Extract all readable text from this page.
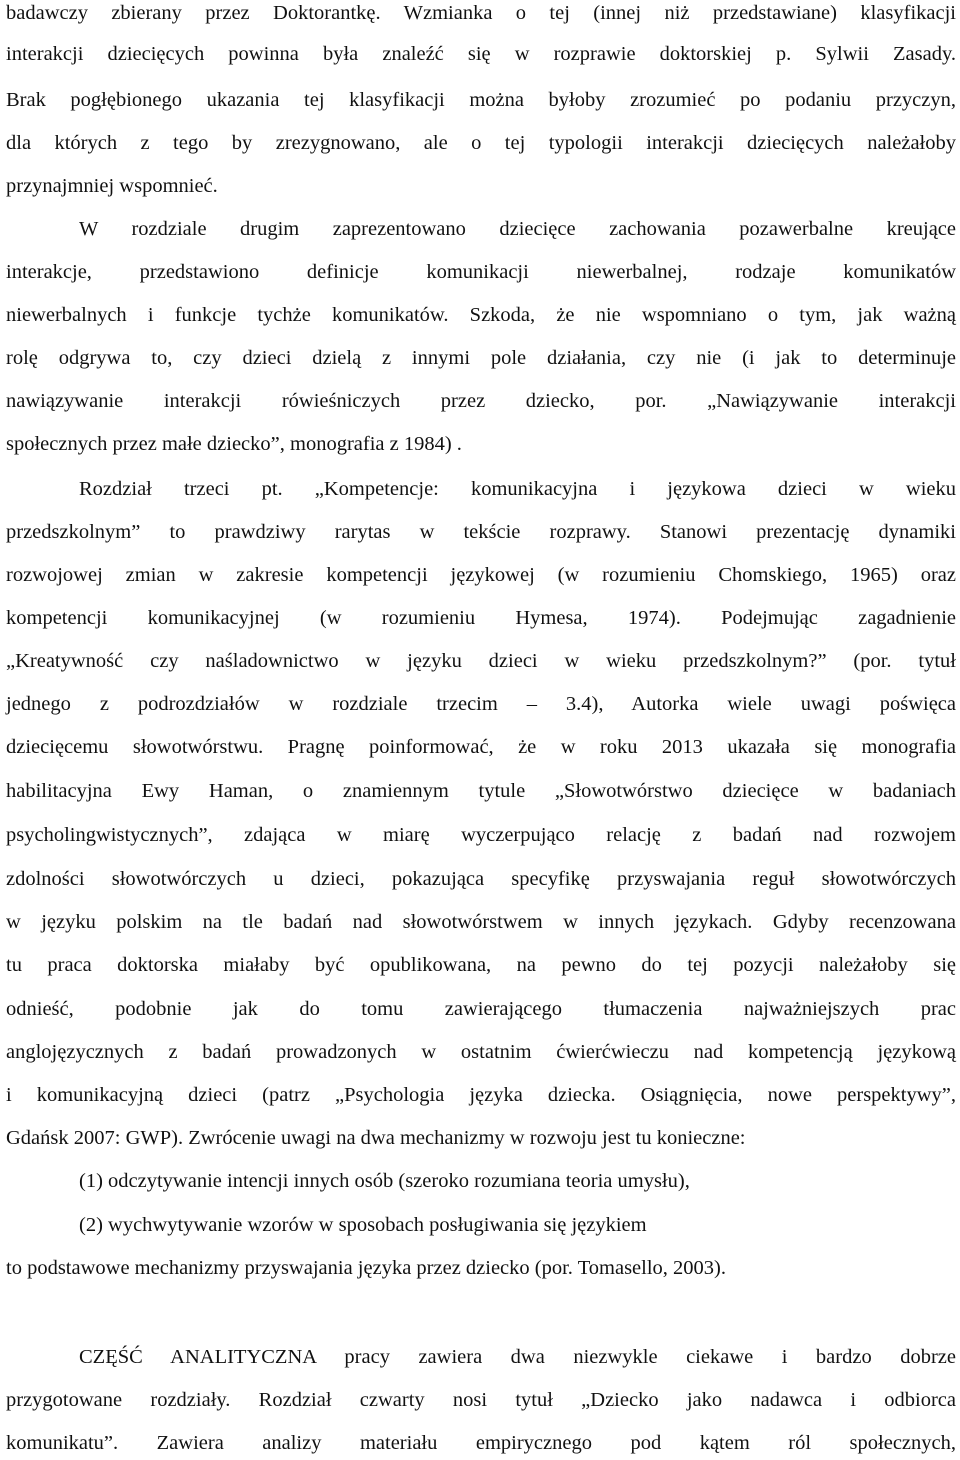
badawczy zbierany przez Doktorantkę. Wzmianka o tej (innej niż przedstawiane) klasyfikacji
interakcji dziecięcych powinna była znaleźć się w rozprawie doktorskiej p. Sylwii Zasady.
Brak pogłębionego ukazania tej klasyfikacji można byłoby zrozumieć po podaniu przyczyn,
dla których z tego by zrezygnowano, ale o tej typologii interakcji dziecięcych należałoby
przynajmniej wspomnieć.
W rozdziale drugim zaprezentowano dziecięce zachowania pozawerbalne kreujące
interakcje, przedstawiono definicje komunikacji niewerbalnej, rodzaje komunikatów
niewerbalnych i funkcje tychże komunikatów. Szkoda, że nie wspomniano o tym, jak ważną
rolę odgrywa to, czy dzieci dzielą z innymi pole działania, czy nie (i jak to determinuje
nawiązywanie interakcji rówieśniczych przez dziecko, por. „Nawiązywanie interakcji
społecznych przez małe dziecko”, monografia z 1984) .
Rozdział trzeci pt. „Kompetencje: komunikacyjna i językowa dzieci w wieku
przedszkolnym” to prawdziwy rarytas w tekście rozprawy. Stanowi prezentację dynamiki
rozwojowej zmian w zakresie kompetencji językowej (w rozumieniu Chomskiego, 1965) oraz
kompetencji komunikacyjnej (w rozumieniu Hymesa, 1974). Podejmując zagadnienie
„Kreatywność czy naśladownictwo w języku dzieci w wieku przedszkolnym?” (por. tytuł
jednego z podrozdziałów w rozdziale trzecim – 3.4), Autorka wiele uwagi poświęca
dziecięcemu słowotwórstwu. Pragnę poinformować, że w roku 2013 ukazała się monografia
habilitacyjna Ewy Haman, o znamiennym tytule „Słowotwórstwo dziecięce w badaniach
psycholingwistycznych”, zdająca w miarę wyczerpująco relację z badań nad rozwojem
zdolności słowotwórczych u dzieci, pokazująca specyfikę przyswajania reguł słowotwórczych
w języku polskim na tle badań nad słowotwórstwem w innych językach. Gdyby recenzowana
tu praca doktorska miałaby być opublikowana, na pewno do tej pozycji należałoby się
odnieść, podobnie jak do tomu zawierającego tłumaczenia najważniejszych prac
anglojęzycznych z badań prowadzonych w ostatnim ćwierćwieczu nad kompetencją językową
i komunikacyjną dzieci (patrz „Psychologia języka dziecka. Osiągnięcia, nowe perspektywy”,
Gdańsk 2007: GWP). Zwrócenie uwagi na dwa mechanizmy w rozwoju jest tu konieczne:
(1) odczytywanie intencji innych osób (szeroko rozumiana teoria umysłu),
(2) wychwytywanie wzorów w sposobach posługiwania się językiem
to podstawowe mechanizmy przyswajania języka przez dziecko (por. Tomasello, 2003).
CZĘŚĆ ANALITYCZNA pracy zawiera dwa niezwykle ciekawe i bardzo dobrze
przygotowane rozdziały. Rozdział czwarty nosi tytuł „Dziecko jako nadawca i odbiorca
komunikatu”. Zawiera analizy materiału empirycznego pod kątem ról społecznych,
